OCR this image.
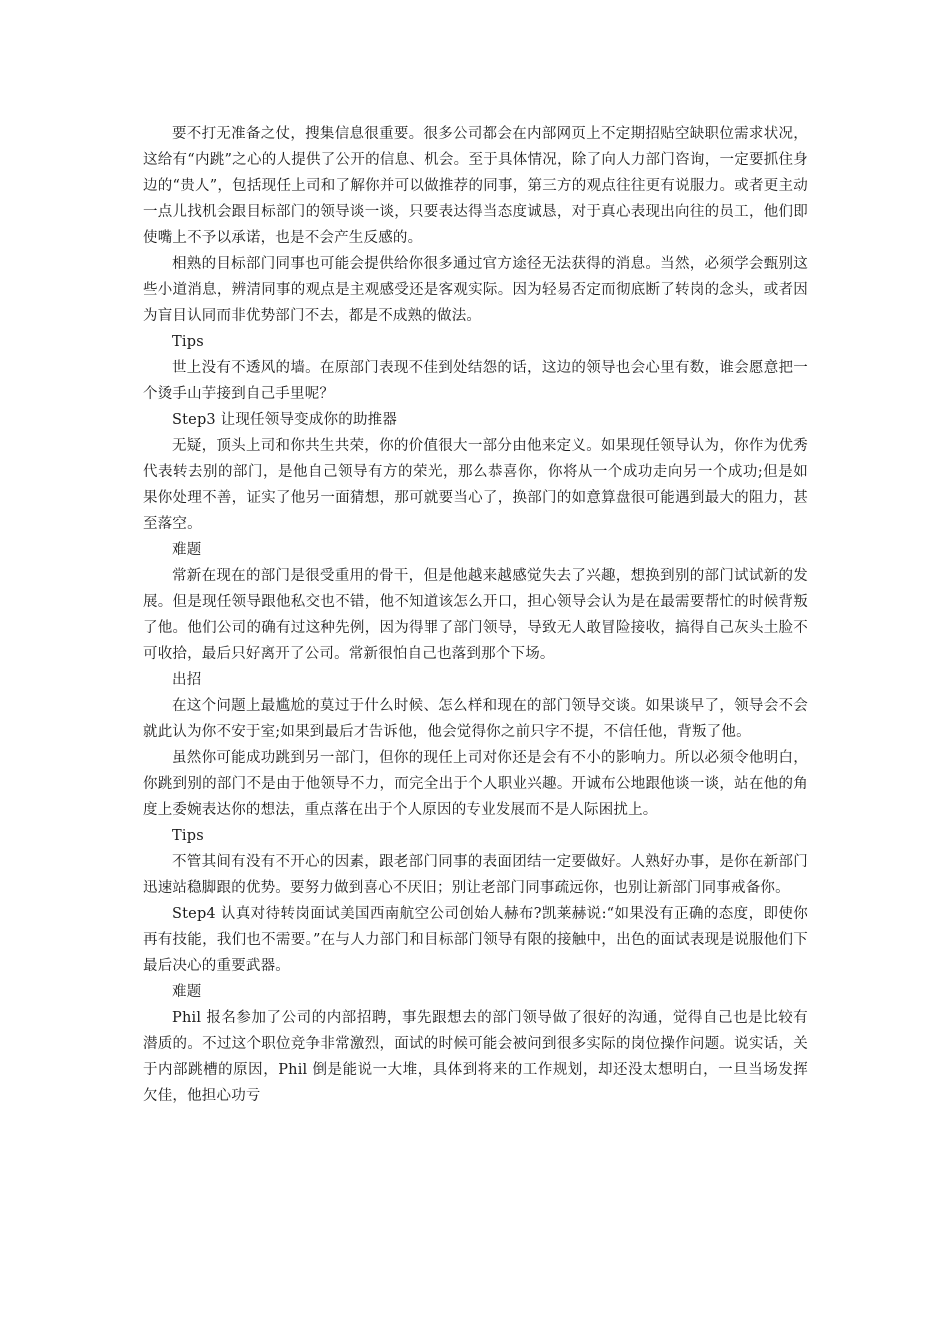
要不打无准备之仗，搜集信息很重要。很多公司都会在内部网页上不定期招贴空缺职位需求状况，这给有“内跳”之心的人提供了公开的信息、机会。至于具体情况，除了向人力部门咨询，一定要抓住身边的“贵人”，包括现任上司和了解你并可以做推荐的同事，第三方的观点往往更有说服力。或者更主动一点儿找机会跟目标部门的领导谈一谈，只要表达得当态度诚恳，对于真心表现出向往的员工，他们即使嘴上不予以承诺，也是不会产生反感的。

相熟的目标部门同事也可能会提供给你很多通过官方途径无法获得的消息。当然，必须学会甄别这些小道消息，辨清同事的观点是主观感受还是客观实际。因为轻易否定而彻底断了转岗的念头，或者因为盲目认同而非优势部门不去，都是不成熟的做法。

Tips

世上没有不透风的墙。在原部门表现不佳到处结怨的话，这边的领导也会心里有数，谁会愿意把一个烫手山芋接到自己手里呢？

Step3 让现任领导变成你的助推器

无疑，顶头上司和你共生共荣，你的价值很大一部分由他来定义。如果现任领导认为，你作为优秀代表转去别的部门，是他自己领导有方的荣光，那么恭喜你，你将从一个成功走向另一个成功;但是如果你处理不善，证实了他另一面猜想，那可就要当心了，换部门的如意算盘很可能遇到最大的阻力，甚至落空。

难题

常新在现在的部门是很受重用的骨干，但是他越来越感觉失去了兴趣，想换到别的部门试试新的发展。但是现任领导跟他私交也不错，他不知道该怎么开口，担心领导会认为是在最需要帮忙的时候背叛了他。他们公司的确有过这种先例，因为得罪了部门领导，导致无人敢冒险接收，搞得自己灰头土脸不可收拾，最后只好离开了公司。常新很怕自己也落到那个下场。

出招

在这个问题上最尴尬的莫过于什么时候、怎么样和现在的部门领导交谈。如果谈早了，领导会不会就此认为你不安于室;如果到最后才告诉他，他会觉得你之前只字不提，不信任他，背叛了他。

虽然你可能成功跳到另一部门，但你的现任上司对你还是会有不小的影响力。所以必须令他明白，你跳到别的部门不是由于他领导不力，而完全出于个人职业兴趣。开诚布公地跟他谈一谈，站在他的角度上委婉表达你的想法，重点落在出于个人原因的专业发展而不是人际困扰上。

Tips

不管其间有没有不开心的因素，跟老部门同事的表面团结一定要做好。人熟好办事，是你在新部门迅速站稳脚跟的优势。要努力做到喜心不厌旧；别让老部门同事疏远你，也别让新部门同事戒备你。

Step4 认真对待转岗面试美国西南航空公司创始人赫布?凯莱赫说:“如果没有正确的态度，即使你再有技能，我们也不需要。”在与人力部门和目标部门领导有限的接触中，出色的面试表现是说服他们下最后决心的重要武器。

难题

Phil 报名参加了公司的内部招聘，事先跟想去的部门领导做了很好的沟通，觉得自己也是比较有潜质的。不过这个职位竞争非常激烈，面试的时候可能会被问到很多实际的岗位操作问题。说实话，关于内部跳槽的原因，Phil 倒是能说一大堆，具体到将来的工作规划，却还没太想明白，一旦当场发挥欠佳，他担心功亏
